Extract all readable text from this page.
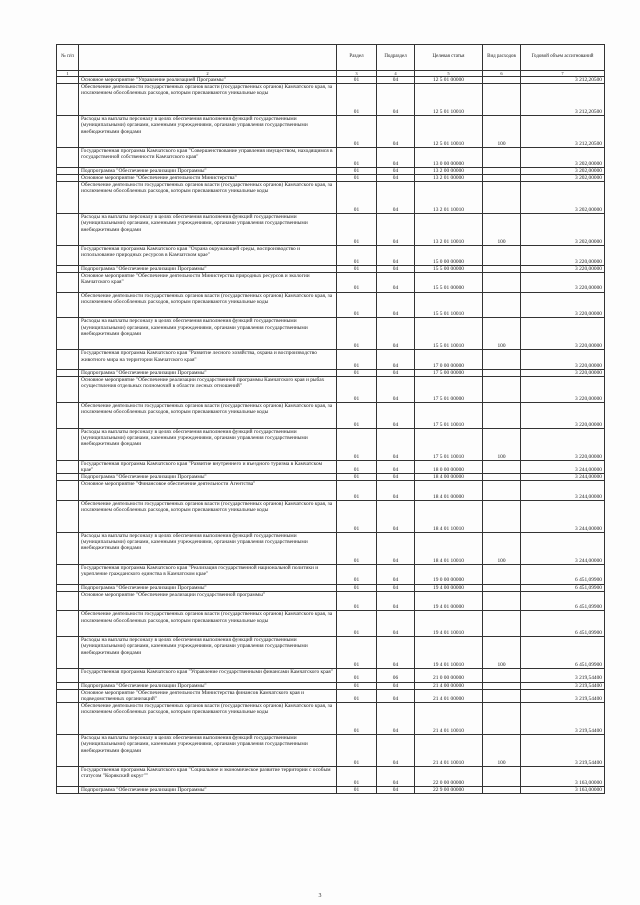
№ п/п		Раздел	Подраздел	Целевая статья	Вид расходов	Годовой объем ассигнований
1	2	3	4	5	6	7
	Основное мероприятие "Управление реализацией Программы"	01	04	12 5 01 00000		3 212,20500
	Обеспечение деятельности государственных органов власти (государственных органов) Камчатского края, за исключением обособленных расходов, которым присваиваются уникальные коды	01	04	12 5 01 10010		3 212,20500
	Расходы на выплаты персоналу в целях обеспечения выполнения функций государственными (муниципальными) органами, казенными учреждениями, органами управления государственными внебюджетными фондами	01	04	12 5 01 10010	100	3 212,20500
	Государственная программа Камчатского края "Совершенствование управления имуществом, находящимся в государственной собственности Камчатского края"	01	04	13 0 00 00000		3 202,00000
	Подпрограмма "Обеспечение реализации Программы"	01	04	13 2 00 00000		3 202,00000
	Основное мероприятие "Обеспечение деятельности Министерства"	01	04	13 2 01 00000		3 202,00000
	Обеспечение деятельности государственных органов власти (государственных органов) Камчатского края, за исключением обособленных расходов, которым присваиваются уникальные коды	01	04	13 2 01 10010		3 202,00000
	Расходы на выплаты персоналу в целях обеспечения выполнения функций государственными (муниципальными) органами, казенными учреждениями, органами управления государственными внебюджетными фондами	01	04	13 2 01 10010	100	3 202,00000
	Государственная программа Камчатского края "Охрана окружающей среды, воспроизводство и использование природных ресурсов в Камчатском крае"	01	04	15 0 00 00000		3 220,00000
	Подпрограмма "Обеспечение реализации Программы"	01	04	15 5 00 00000		3 220,00000
	Основное мероприятие "Обеспечение деятельности Министерства природных ресурсов и экологии Камчатского края"	01	04	15 5 01 00000		3 220,00000
	Обеспечение деятельности государственных органов власти (государственных органов) Камчатского края, за исключением обособленных расходов, которым присваиваются уникальные коды	01	04	15 5 01 10010		3 220,00000
	Расходы на выплаты персоналу в целях обеспечения выполнения функций государственными (муниципальными) органами, казенными учреждениями, органами управления государственными внебюджетными фондами	01	04	15 5 01 10010	100	3 220,00000
	Государственная программа Камчатского края "Развитие лесного хозяйства, охрана и воспроизводство животного мира на территории Камчатского края"	01	04	17 0 00 00000		3 220,00000
	Подпрограмма "Обеспечение реализации Программы"	01	04	17 5 00 00000		3 220,00000
	Основное мероприятие "Обеспечение реализации государственной программы Камчатского края и рыбах осуществления отдельных полномочий в области лесных отношений"	01	04	17 5 01 00000		3 220,00000
	Обеспечение деятельности государственных органов власти (государственных органов) Камчатского края, за исключением обособленных расходов, которым присваиваются уникальные коды	01	04	17 5 01 10010		3 220,00000
	Расходы на выплаты персоналу в целях обеспечения выполнения функций государственными (муниципальными) органами, казенными учреждениями, органами управления государственными внебюджетными фондами	01	04	17 5 01 10010	100	3 220,00000
	Государственная программа Камчатского края "Развитие внутреннего и въездного туризма в Камчатском крае"	01	04	18 0 00 00000		3 244,00000
	Подпрограмма "Обеспечение реализации Программы"	01	04	18 4 00 00000		3 244,00000
	Основное мероприятие "Финансовое обеспечение деятельности Агентства"	01	04	18 4 01 00000		3 244,00000
	Обеспечение деятельности государственных органов власти (государственных органов) Камчатского края, за исключением обособленных расходов, которым присваиваются уникальные коды	01	04	18 4 01 10010		3 244,00000
	Расходы на выплаты персоналу в целях обеспечения выполнения функций государственными (муниципальными) органами, казенными учреждениями, органами управления государственными внебюджетными фондами	01	04	18 4 01 10010	100	3 244,00000
	Государственная программа Камчатского края "Реализация государственной национальной политики и укрепление гражданского единства в Камчатском крае"	01	04	19 0 00 00000		6 451,09900
	Подпрограмма "Обеспечение реализации Программы"	01	04	19 4 00 00000		6 451,09900
	Основное мероприятие "Обеспечение реализации государственной программы"	01	04	19 4 01 00000		6 451,09900
	Обеспечение деятельности государственных органов власти (государственных органов) Камчатского края, за исключением обособленных расходов, которым присваиваются уникальные коды	01	04	19 4 01 10010		6 451,09900
	Расходы на выплаты персоналу в целях обеспечения выполнения функций государственными (муниципальными) органами, казенными учреждениями, органами управления государственными внебюджетными фондами	01	04	19 4 01 10010	100	6 451,09900
	Государственная программа Камчатского края "Управление государственными финансами Камчатского края"	01	06	21 0 00 00000		3 219,54400
	Подпрограмма "Обеспечение реализации Программы"	01	04	21 4 00 00000		3 219,54400
	Основное мероприятие "Обеспечение деятельности Министерства финансов Камчатского края и подведомственных организаций"	01	04	21 4 01 00000		3 219,54400
	Обеспечение деятельности государственных органов власти (государственных органов) Камчатского края, за исключением обособленных расходов, которым присваиваются уникальные коды	01	04	21 4 01 10010		3 219,54400
	Расходы на выплаты персоналу в целях обеспечения выполнения функций государственными (муниципальными) органами, казенными учреждениями, органами управления государственными внебюджетными фондами	01	04	21 4 01 10010	100	3 219,54400
	Государственная программа Камчатского края "Социальное и экономическое развитие территории с особым статусом "Корякский округ""	01	04	22 0 00 00000		3 163,00000
	Подпрограмма "Обеспечение реализации Программы"	01	04	22 9 00 00000		3 163,00000
3
